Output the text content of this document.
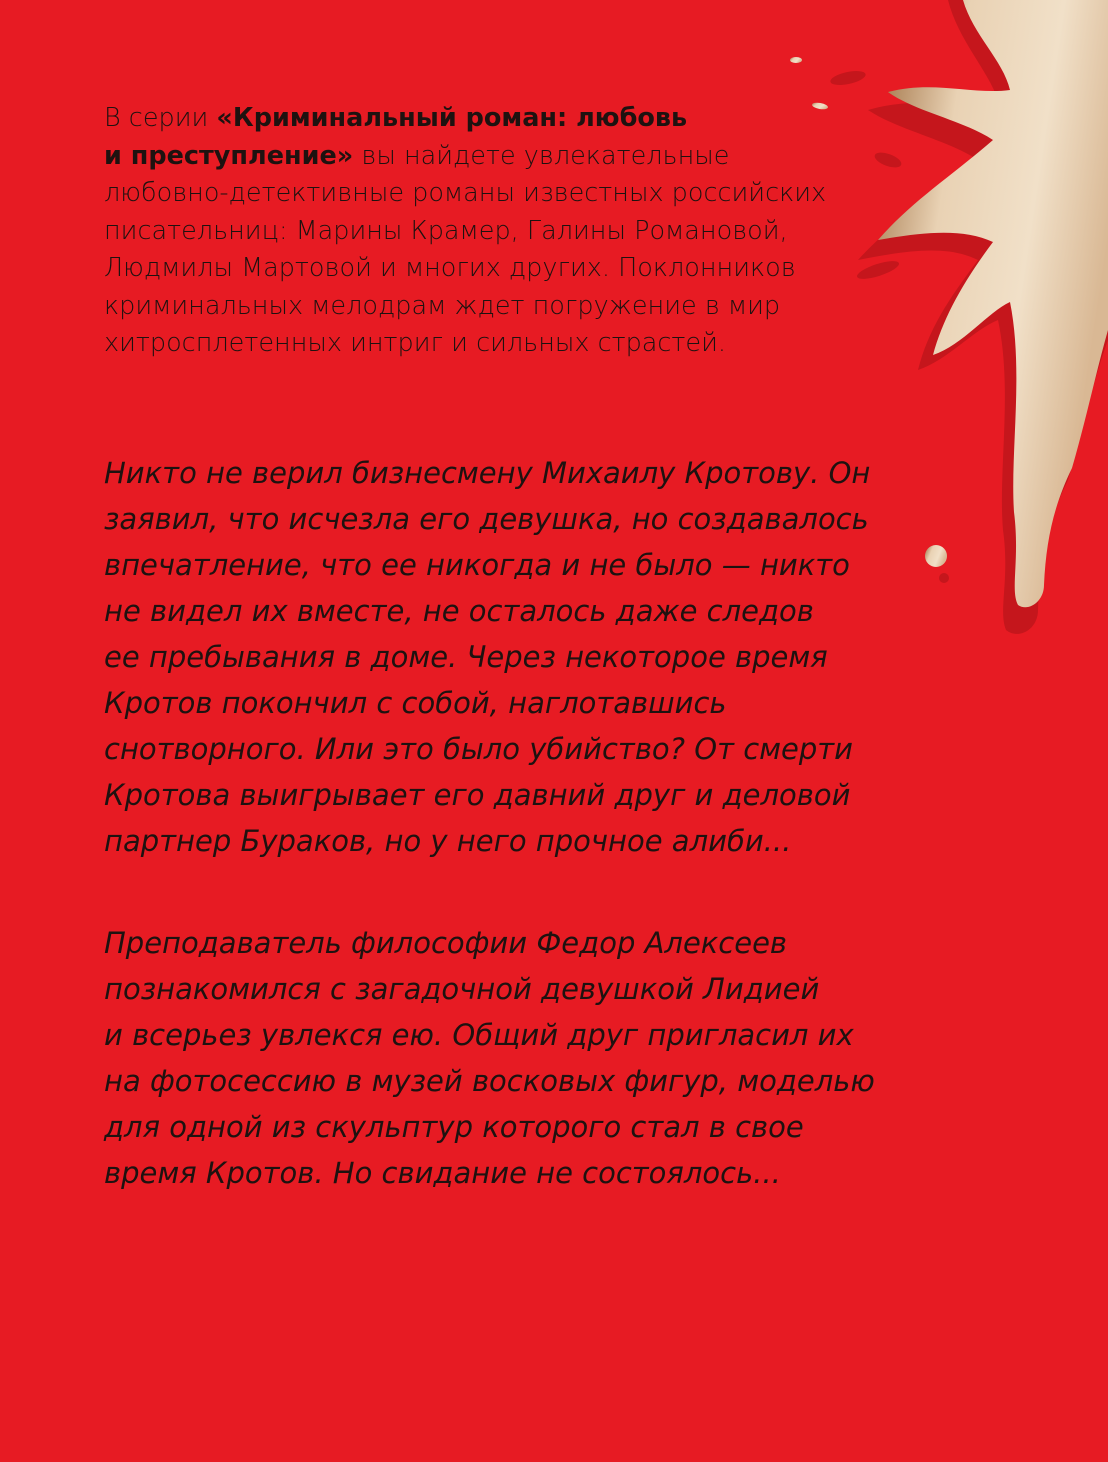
В серии «Криминальный роман: любовь
и преступление» вы найдете увлекательные
любовно-детективные романы известных российских
писательниц: Марины Крамер, Галины Романовой,
Людмилы Мартовой и многих других. Поклонников
криминальных мелодрам ждет погружение в мир
хитросплетенных интриг и сильных страстей.
Никто не верил бизнесмену Михаилу Кротову. Он
заявил, что исчезла его девушка, но создавалось
впечатление, что ее никогда и не было — никто
не видел их вместе, не осталось даже следов
ее пребывания в доме. Через некоторое время
Кротов покончил с собой, наглотавшись
снотворного. Или это было убийство? От смерти
Кротова выигрывает его давний друг и деловой
партнер Бураков, но у него прочное алиби...
Преподаватель философии Федор Алексеев
познакомился с загадочной девушкой Лидией
и всерьез увлекся ею. Общий друг пригласил их
на фотосессию в музей восковых фигур, моделью
для одной из скульптур которого стал в свое
время Кротов. Но свидание не состоялось...
